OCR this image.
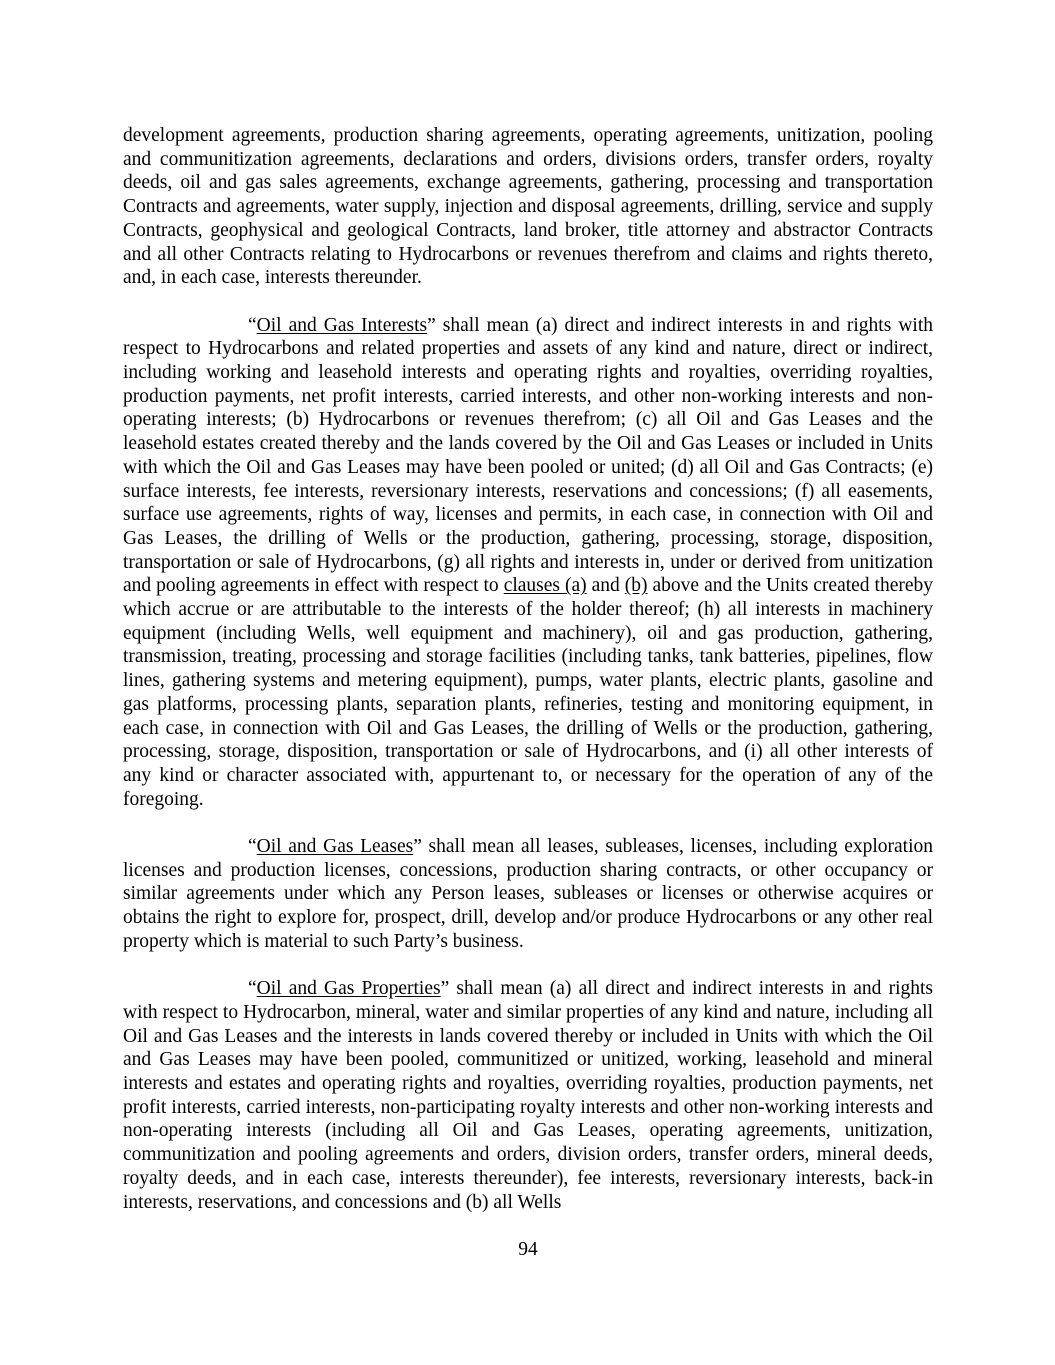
development agreements, production sharing agreements, operating agreements, unitization, pooling and communitization agreements, declarations and orders, divisions orders, transfer orders, royalty deeds, oil and gas sales agreements, exchange agreements, gathering, processing and transportation Contracts and agreements, water supply, injection and disposal agreements, drilling, service and supply Contracts, geophysical and geological Contracts, land broker, title attorney and abstractor Contracts and all other Contracts relating to Hydrocarbons or revenues therefrom and claims and rights thereto, and, in each case, interests thereunder.

“Oil and Gas Interests” shall mean (a) direct and indirect interests in and rights with respect to Hydrocarbons and related properties and assets of any kind and nature, direct or indirect, including working and leasehold interests and operating rights and royalties, overriding royalties, production payments, net profit interests, carried interests, and other non-working interests and non-operating interests; (b) Hydrocarbons or revenues therefrom; (c) all Oil and Gas Leases and the leasehold estates created thereby and the lands covered by the Oil and Gas Leases or included in Units with which the Oil and Gas Leases may have been pooled or united; (d) all Oil and Gas Contracts; (e) surface interests, fee interests, reversionary interests, reservations and concessions; (f) all easements, surface use agreements, rights of way, licenses and permits, in each case, in connection with Oil and Gas Leases, the drilling of Wells or the production, gathering, processing, storage, disposition, transportation or sale of Hydrocarbons, (g) all rights and interests in, under or derived from unitization and pooling agreements in effect with respect to clauses (a) and (b) above and the Units created thereby which accrue or are attributable to the interests of the holder thereof; (h) all interests in machinery equipment (including Wells, well equipment and machinery), oil and gas production, gathering, transmission, treating, processing and storage facilities (including tanks, tank batteries, pipelines, flow lines, gathering systems and metering equipment), pumps, water plants, electric plants, gasoline and gas platforms, processing plants, separation plants, refineries, testing and monitoring equipment, in each case, in connection with Oil and Gas Leases, the drilling of Wells or the production, gathering, processing, storage, disposition, transportation or sale of Hydrocarbons, and (i) all other interests of any kind or character associated with, appurtenant to, or necessary for the operation of any of the foregoing.

“Oil and Gas Leases” shall mean all leases, subleases, licenses, including exploration licenses and production licenses, concessions, production sharing contracts, or other occupancy or similar agreements under which any Person leases, subleases or licenses or otherwise acquires or obtains the right to explore for, prospect, drill, develop and/or produce Hydrocarbons or any other real property which is material to such Party’s business.

“Oil and Gas Properties” shall mean (a) all direct and indirect interests in and rights with respect to Hydrocarbon, mineral, water and similar properties of any kind and nature, including all Oil and Gas Leases and the interests in lands covered thereby or included in Units with which the Oil and Gas Leases may have been pooled, communitized or unitized, working, leasehold and mineral interests and estates and operating rights and royalties, overriding royalties, production payments, net profit interests, carried interests, non-participating royalty interests and other non-working interests and non-operating interests (including all Oil and Gas Leases, operating agreements, unitization, communitization and pooling agreements and orders, division orders, transfer orders, mineral deeds, royalty deeds, and in each case, interests thereunder), fee interests, reversionary interests, back-in interests, reservations, and concessions and (b) all Wells

94
